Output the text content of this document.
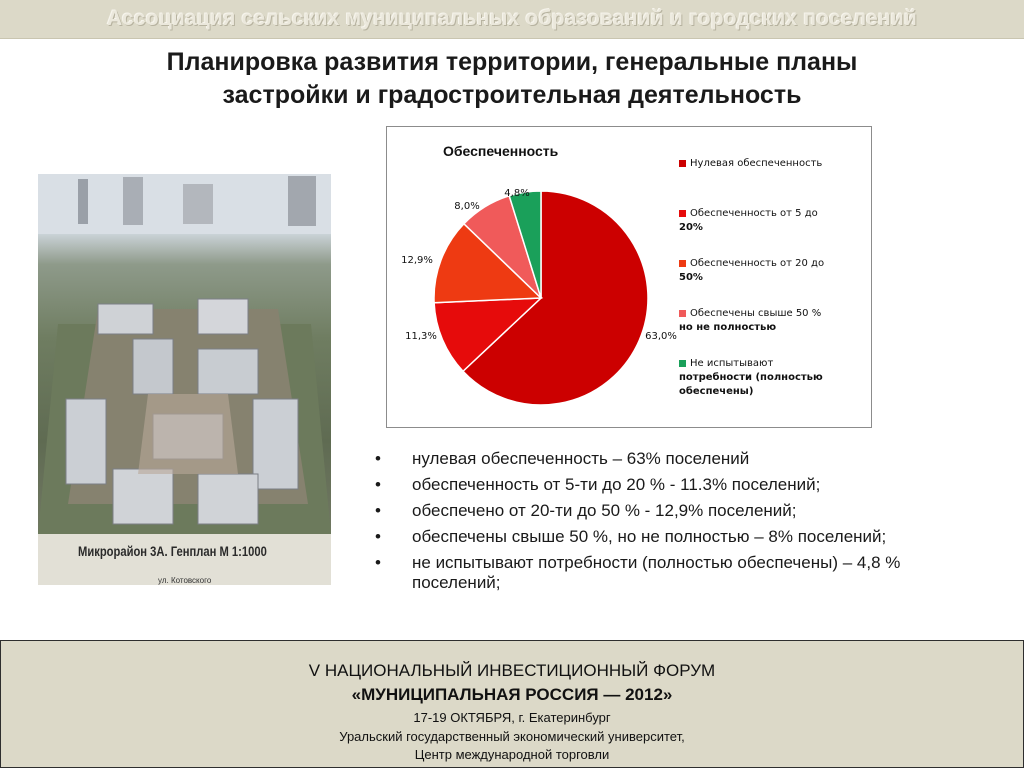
Ассоциация сельских муниципальных образований и городских поселений
Планировка развития территории, генеральные планы
застройки и градостроительная деятельность
Микрорайон 3А. Генплан М 1:1000
ул. Котовского
63,0%
11,3%
12,9%
8,0%
4,8%
Обеспеченность
Нулевая обеспеченность
Обеспеченность от 5 до
20%
Обеспеченность от 20 до
50%
Обеспечены свыше 50 %
но не полностью
Не испытывают
потребности (полностью
обеспечены)
• нулевая обеспеченность – 63% поселений
• обеспеченность от 5-ти до 20 % - 11.3% поселений;
• обеспечено от 20-ти до 50 % - 12,9% поселений;
• обеспечены свыше 50 %, но не полностью – 8% поселений;
• не испытывают потребности (полностью обеспечены) – 4,8 % поселений;
V НАЦИОНАЛЬНЫЙ ИНВЕСТИЦИОННЫЙ ФОРУМ
«МУНИЦИПАЛЬНАЯ РОССИЯ — 2012»
17-19 ОКТЯБРЯ, г. Екатеринбург
Уральский государственный экономический университет,
Центр международной торговли
